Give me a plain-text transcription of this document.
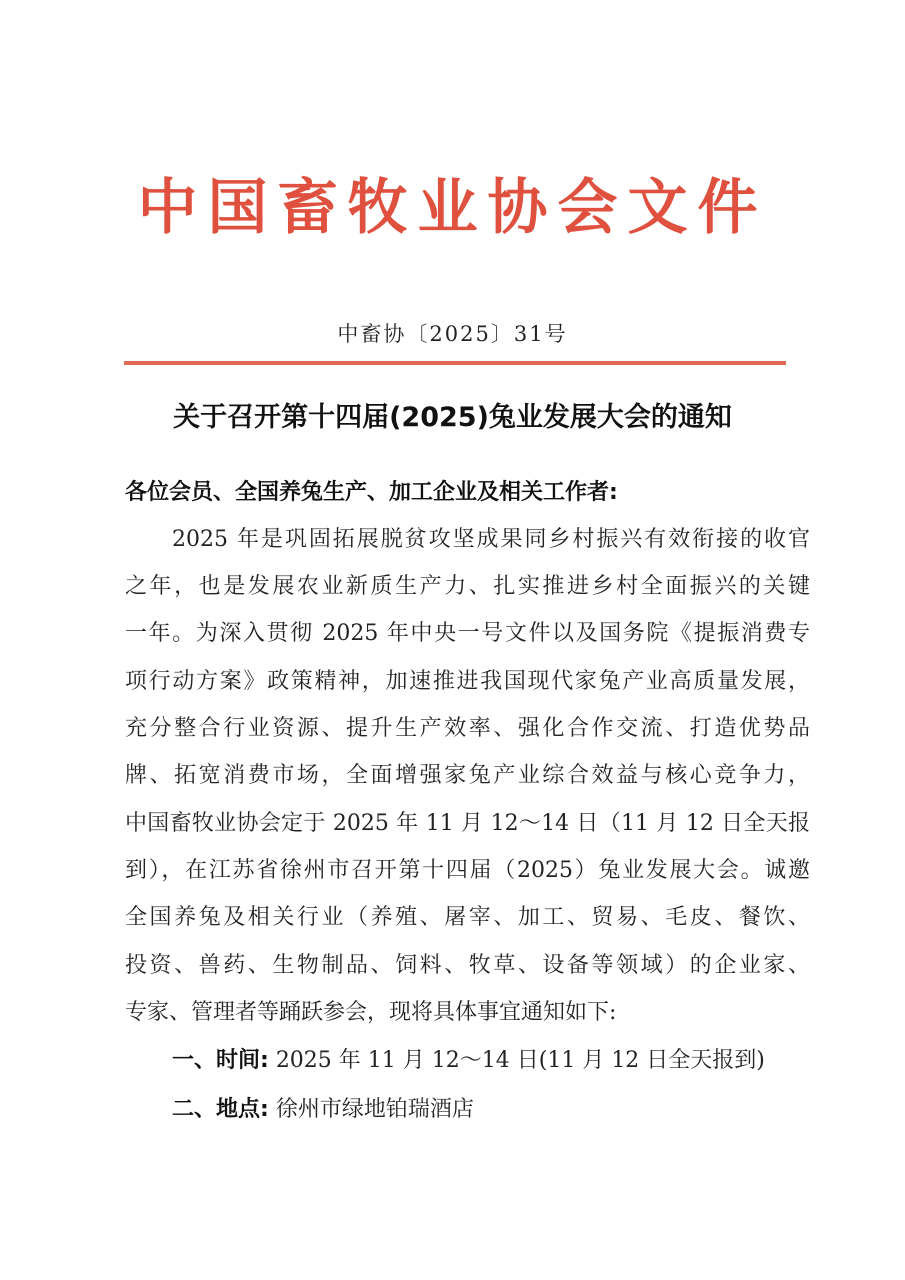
中国畜牧业协会文件
中畜协〔2025〕31号
关于召开第十四届(2025)兔业发展大会的通知
各位会员、全国养兔生产、加工企业及相关工作者:
2025 年是巩固拓展脱贫攻坚成果同乡村振兴有效衔接的收官
之年，也是发展农业新质生产力、扎实推进乡村全面振兴的关键
一年。为深入贯彻 2025 年中央一号文件以及国务院《提振消费专
项行动方案》政策精神，加速推进我国现代家兔产业高质量发展，
充分整合行业资源、提升生产效率、强化合作交流、打造优势品
牌、拓宽消费市场，全面增强家兔产业综合效益与核心竞争力，
中国畜牧业协会定于 2025 年 11 月 12～14 日（11 月 12 日全天报
到），在江苏省徐州市召开第十四届（2025）兔业发展大会。诚邀
全国养兔及相关行业（养殖、屠宰、加工、贸易、毛皮、餐饮、
投资、兽药、生物制品、饲料、牧草、设备等领域）的企业家、
专家、管理者等踊跃参会，现将具体事宜通知如下:
一、时间: 2025 年 11 月 12～14 日(11 月 12 日全天报到)
二、地点: 徐州市绿地铂瑞酒店
